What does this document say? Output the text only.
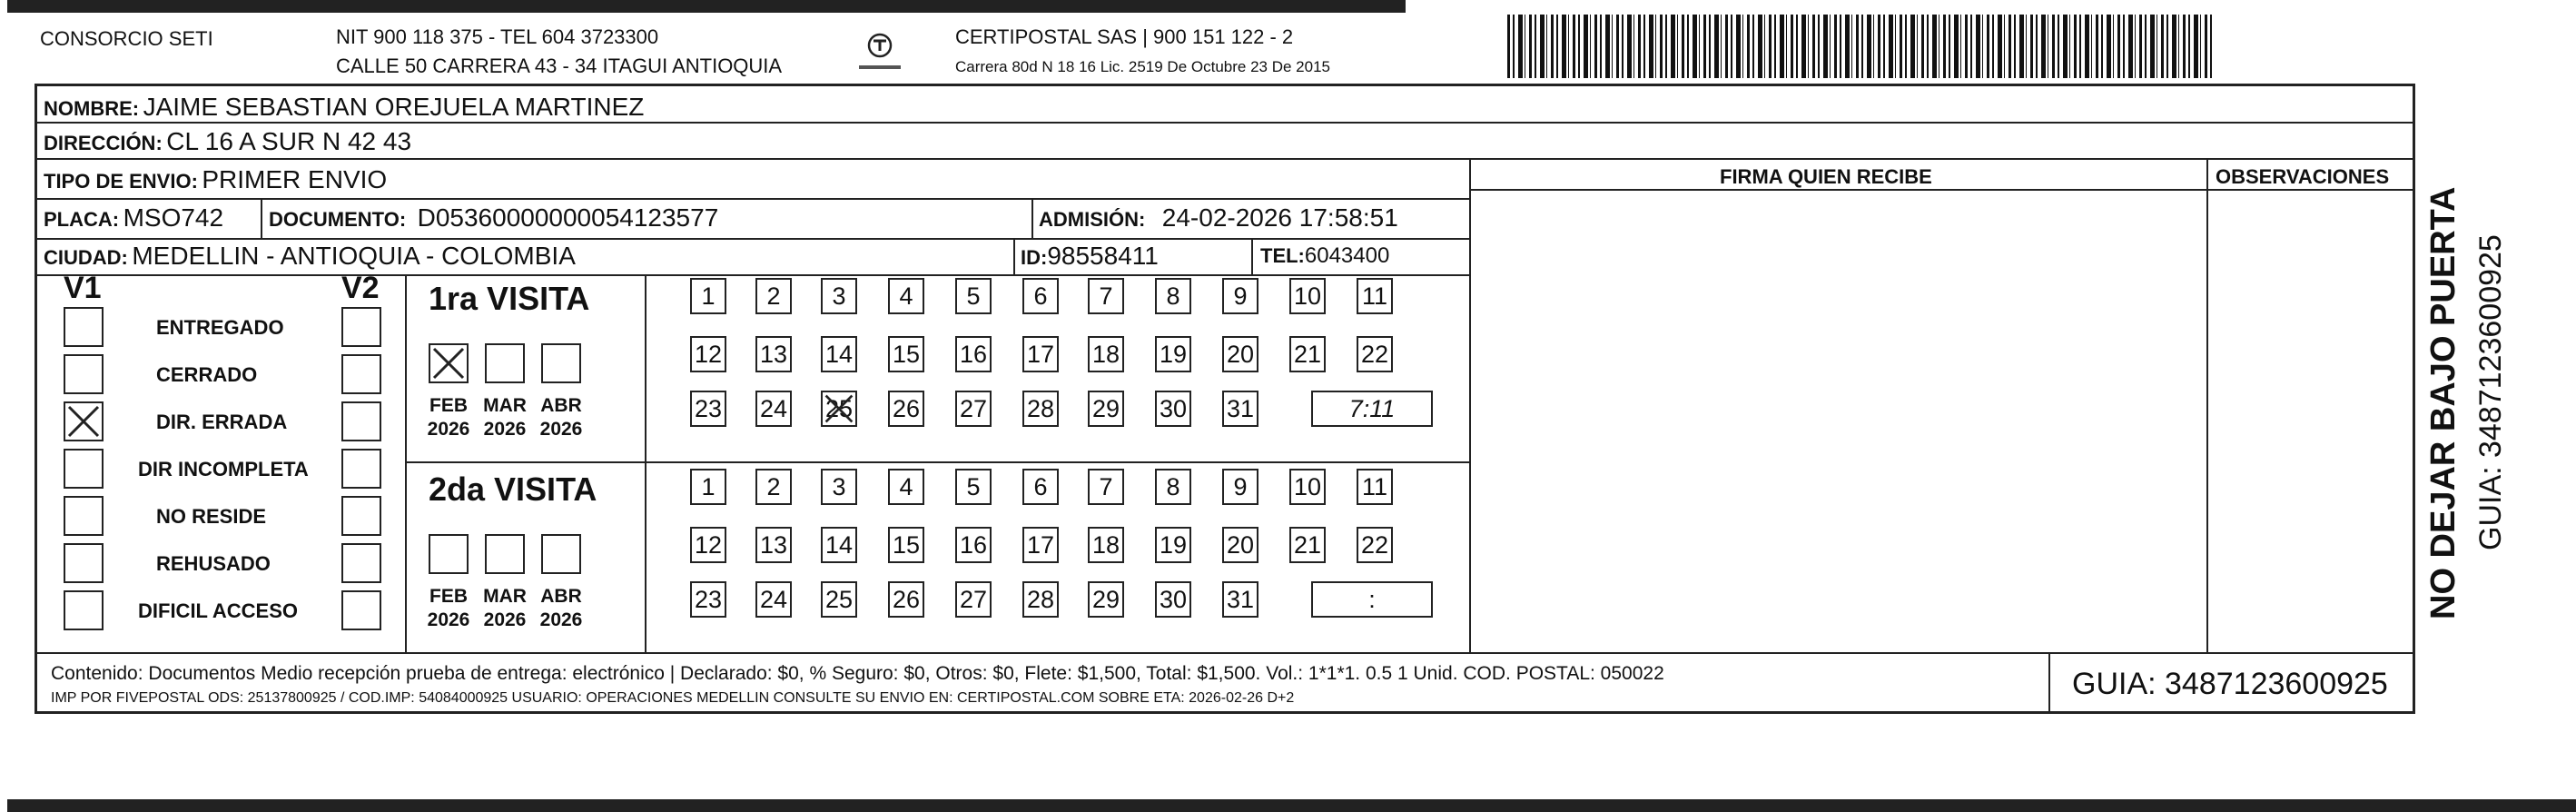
CONSORCIO SETI	NIT 900 118 375 - TEL 604 3723300
CALLE 50 CARRERA 43 - 34 ITAGUI ANTIOQUIA
CERTIPOSTAL SAS | 900 151 122 - 2
Carrera 80d N 18 16 Lic. 2519 De Octubre 23 De 2015
NOMBRE: JAIME SEBASTIAN OREJUELA MARTINEZ
DIRECCIÓN: CL 16 A SUR N 42 43
TIPO DE ENVIO: PRIMER ENVIO
PLACA: MSO742 DOCUMENTO: D05360000000054123577	ADMISIÓN: 24-02-2026 17:58:51
CIUDAD: MEDELLIN - ANTIOQUIA - COLOMBIA	ID:98558411	TEL:6043400
FIRMA QUIEN RECIBE	OBSERVACIONES
V1	V2
ENTREGADO
CERRADO
DIR. ERRADA
DIR INCOMPLETA
NO RESIDE
REHUSADO
DIFICIL ACCESO
1ra VISITA
2da VISITA
FEB
2026
MAR
2026
ABR
2026
1	2	3	4	5	6	7	8	9	10 11
12 13 14 15 16 17 18 19 20 21 22
23 24 25 26 27 28 29 30 31	7:11
FEB
2026
MAR
2026
ABR
2026
1	2	3	4	5	6	7	8	9	10 11
12 13 14 15 16 17 18 19 20 21 22
23 24 25 26 27 28 29 30 31	:
Contenido: Documentos Medio recepción prueba de entrega: electrónico | Declarado: $0, % Seguro: $0, Otros: $0, Flete: $1,500, Total: $1,500. Vol.: 1*1*1. 0.5 1 Unid. COD. POSTAL: 050022
IMP POR FIVEPOSTAL ODS: 25137800925 / COD.IMP: 54084000925 USUARIO: OPERACIONES MEDELLIN CONSULTE SU ENVIO EN: CERTIPOSTAL.COM SOBRE ETA: 2026-02-26 D+2	GUIA: 3487123600925
NO DEJAR BAJO PUERTA GUIA: 3487123600925
